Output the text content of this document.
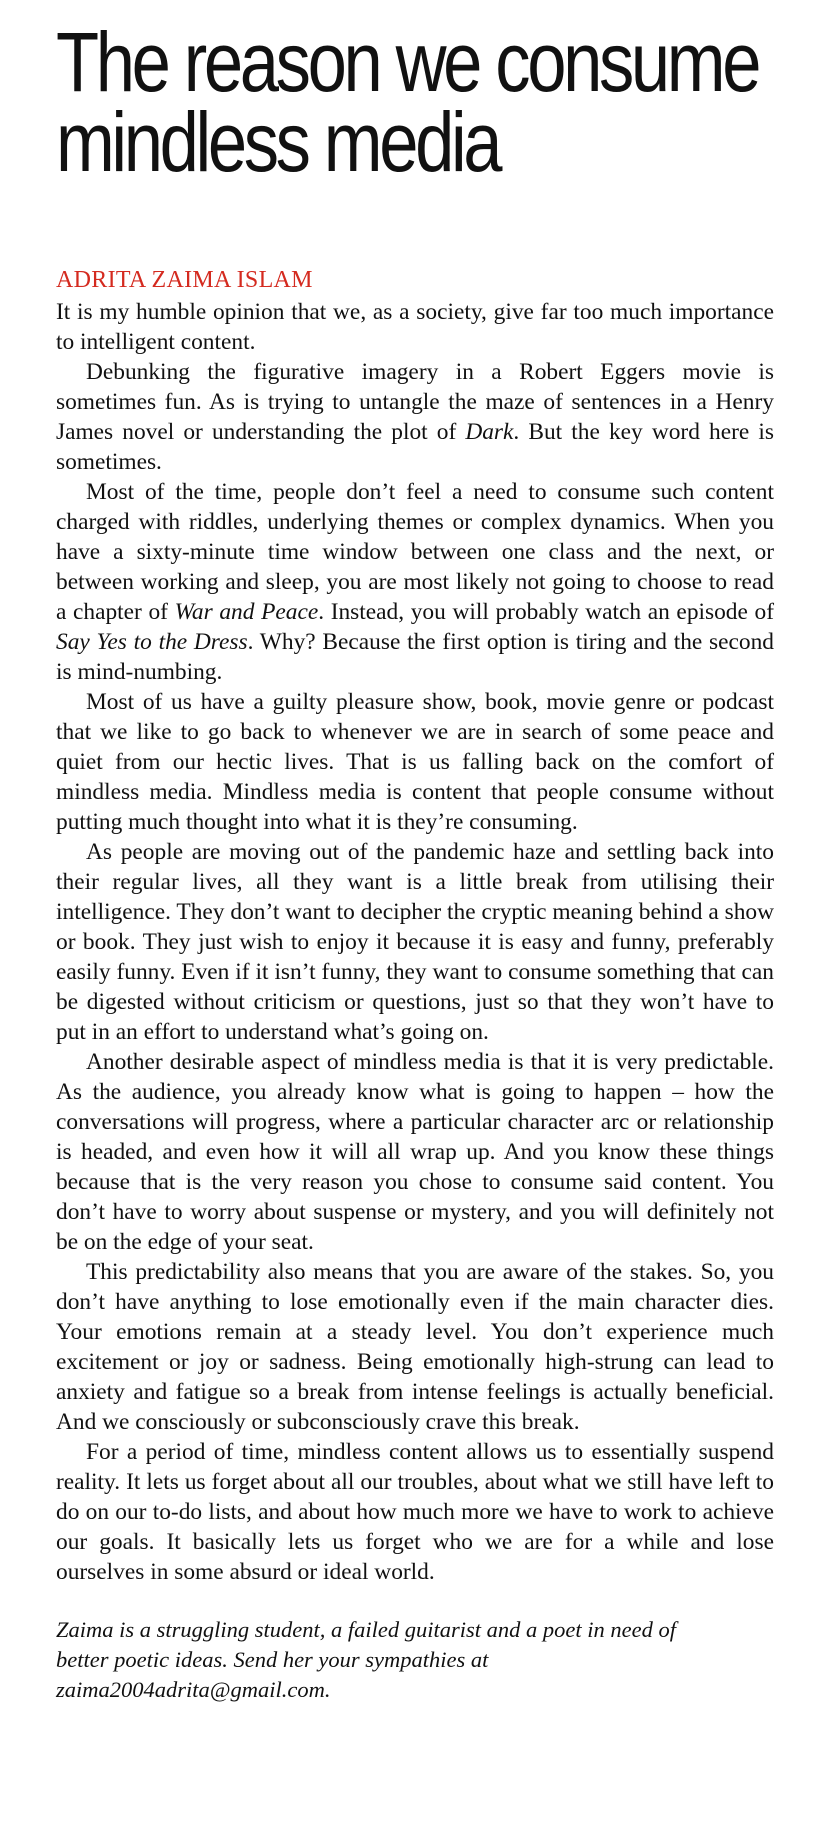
The reason we consume
mindless media
ADRITA ZAIMA ISLAM

It is my humble opinion that we, as a society, give far too much importance to intelligent content.

Debunking the figurative imagery in a Robert Eggers movie is sometimes fun. As is trying to untangle the maze of sentences in a Henry James novel or understanding the plot of Dark. But the key word here is sometimes.

Most of the time, people don’t feel a need to consume such content charged with riddles, underlying themes or complex dynamics. When you have a sixty-minute time window between one class and the next, or between working and sleep, you are most likely not going to choose to read a chapter of War and Peace. Instead, you will probably watch an episode of Say Yes to the Dress. Why? Because the first option is tiring and the second is mind-numbing.

Most of us have a guilty pleasure show, book, movie genre or podcast that we like to go back to whenever we are in search of some peace and quiet from our hectic lives. That is us falling back on the comfort of mindless media. Mindless media is content that people consume without putting much thought into what it is they’re consuming.

As people are moving out of the pandemic haze and settling back into their regular lives, all they want is a little break from utilising their intelligence. They don’t want to decipher the cryptic meaning behind a show or book. They just wish to enjoy it because it is easy and funny, preferably easily funny. Even if it isn’t funny, they want to consume something that can be digested without criticism or questions, just so that they won’t have to put in an effort to understand what’s going on.

Another desirable aspect of mindless media is that it is very predictable. As the audience, you already know what is going to happen – how the conversations will progress, where a particular character arc or relationship is headed, and even how it will all wrap up. And you know these things because that is the very reason you chose to consume said content. You don’t have to worry about suspense or mystery, and you will definitely not be on the edge of your seat.

This predictability also means that you are aware of the stakes. So, you don’t have anything to lose emotionally even if the main character dies. Your emotions remain at a steady level. You don’t experience much excitement or joy or sadness. Being emotionally high-strung can lead to anxiety and fatigue so a break from intense feelings is actually beneficial. And we consciously or subconsciously crave this break.

For a period of time, mindless content allows us to essentially suspend reality. It lets us forget about all our troubles, about what we still have left to do on our to-do lists, and about how much more we have to work to achieve our goals. It basically lets us forget who we are for a while and lose ourselves in some absurd or ideal world.

Zaima is a struggling student, a failed guitarist and a poet in need of
better poetic ideas. Send her your sympathies at
zaima2004adrita@gmail.com.
